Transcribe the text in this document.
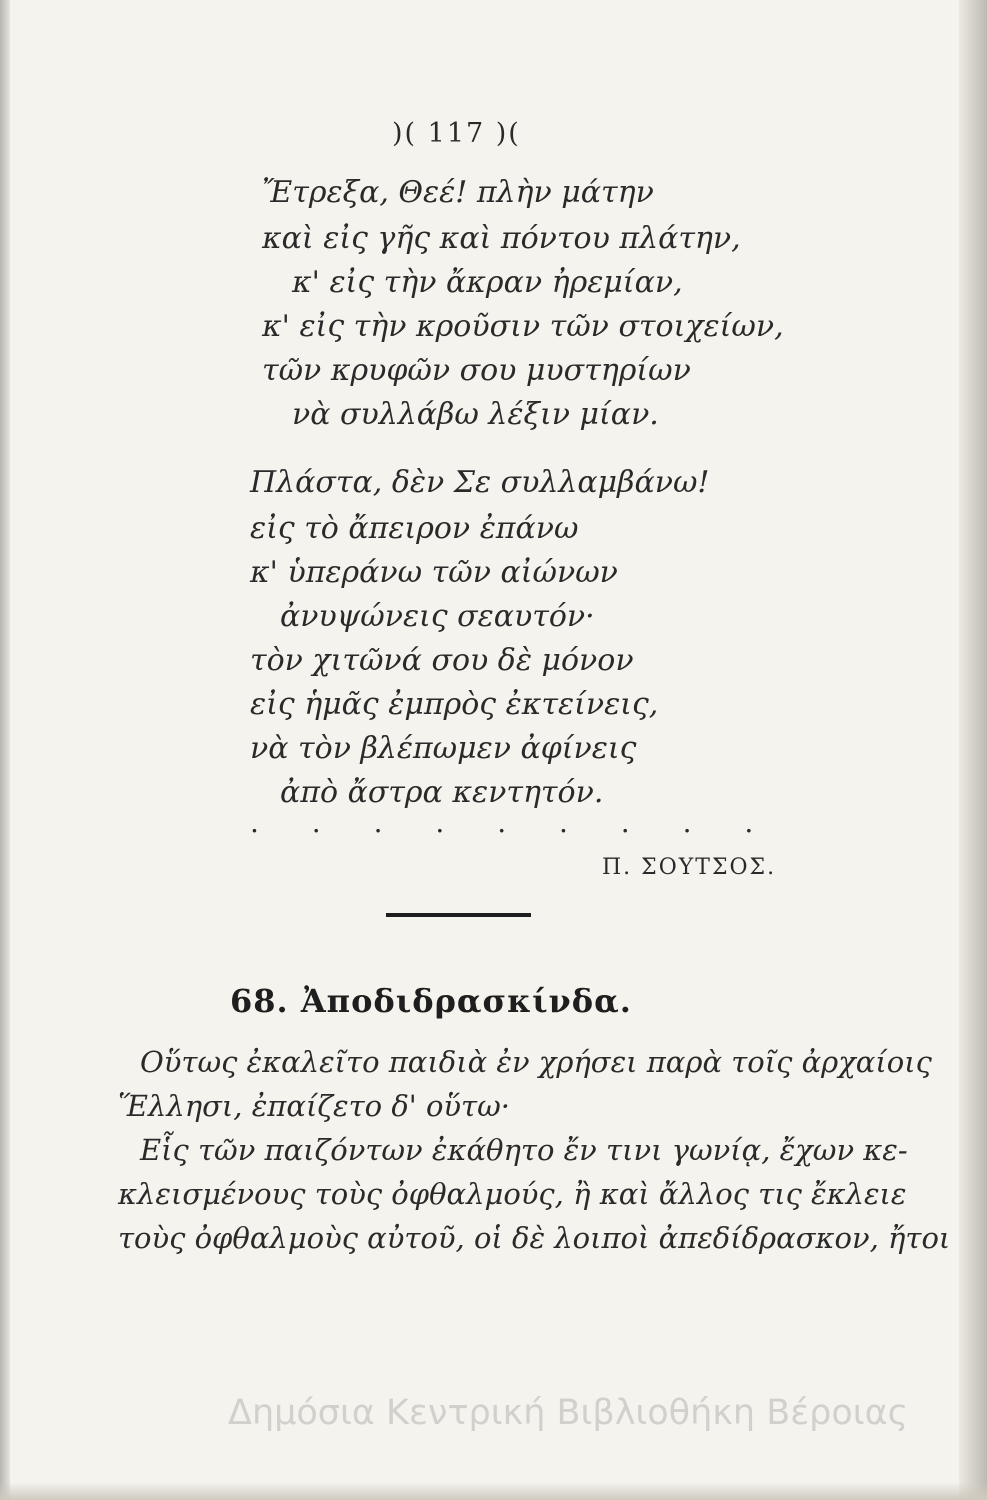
)( 117 )(
Ἔτρεξα, Θεέ! πλὴν μάτην
καὶ εἰς γῆς καὶ πόντου πλάτην,
κ' εἰς τὴν ἄκραν ἠρεμίαν,
κ' εἰς τὴν κροῦσιν τῶν στοιχείων,
τῶν κρυφῶν σου μυστηρίων
νὰ συλλάβω λέξιν μίαν.
Πλάστα, δὲν Σε συλλαμβάνω!
εἰς τὸ ἄπειρον ἐπάνω
κ' ὑπεράνω τῶν αἰώνων
ἀνυψώνεις σεαυτόν·
τὸν χιτῶνά σου δὲ μόνον
εἰς ἡμᾶς ἐμπρὸς ἐκτείνεις,
νὰ τὸν βλέπωμεν ἀφίνεις
ἀπὸ ἄστρα κεντητόν.
. . . . . . . . .
Π. ΣΟΥΤΣΟΣ.
68. Ἀποδιδρασκίνδα.
Οὕτως ἐκαλεῖτο παιδιὰ ἐν χρήσει παρὰ τοῖς ἀρχαίοις
Ἕλλησι, ἐπαίζετο δ' οὕτω·
Εἷς τῶν παιζόντων ἐκάθητο ἔν τινι γωνίᾳ, ἔχων κε-
κλεισμένους τοὺς ὀφθαλμούς, ἢ καὶ ἄλλος τις ἔκλειε
τοὺς ὀφθαλμοὺς αὐτοῦ, οἱ δὲ λοιποὶ ἀπεδίδρασκον, ἤτοι
Δημόσια Κεντρική Βιβλιοθήκη Βέροιας
